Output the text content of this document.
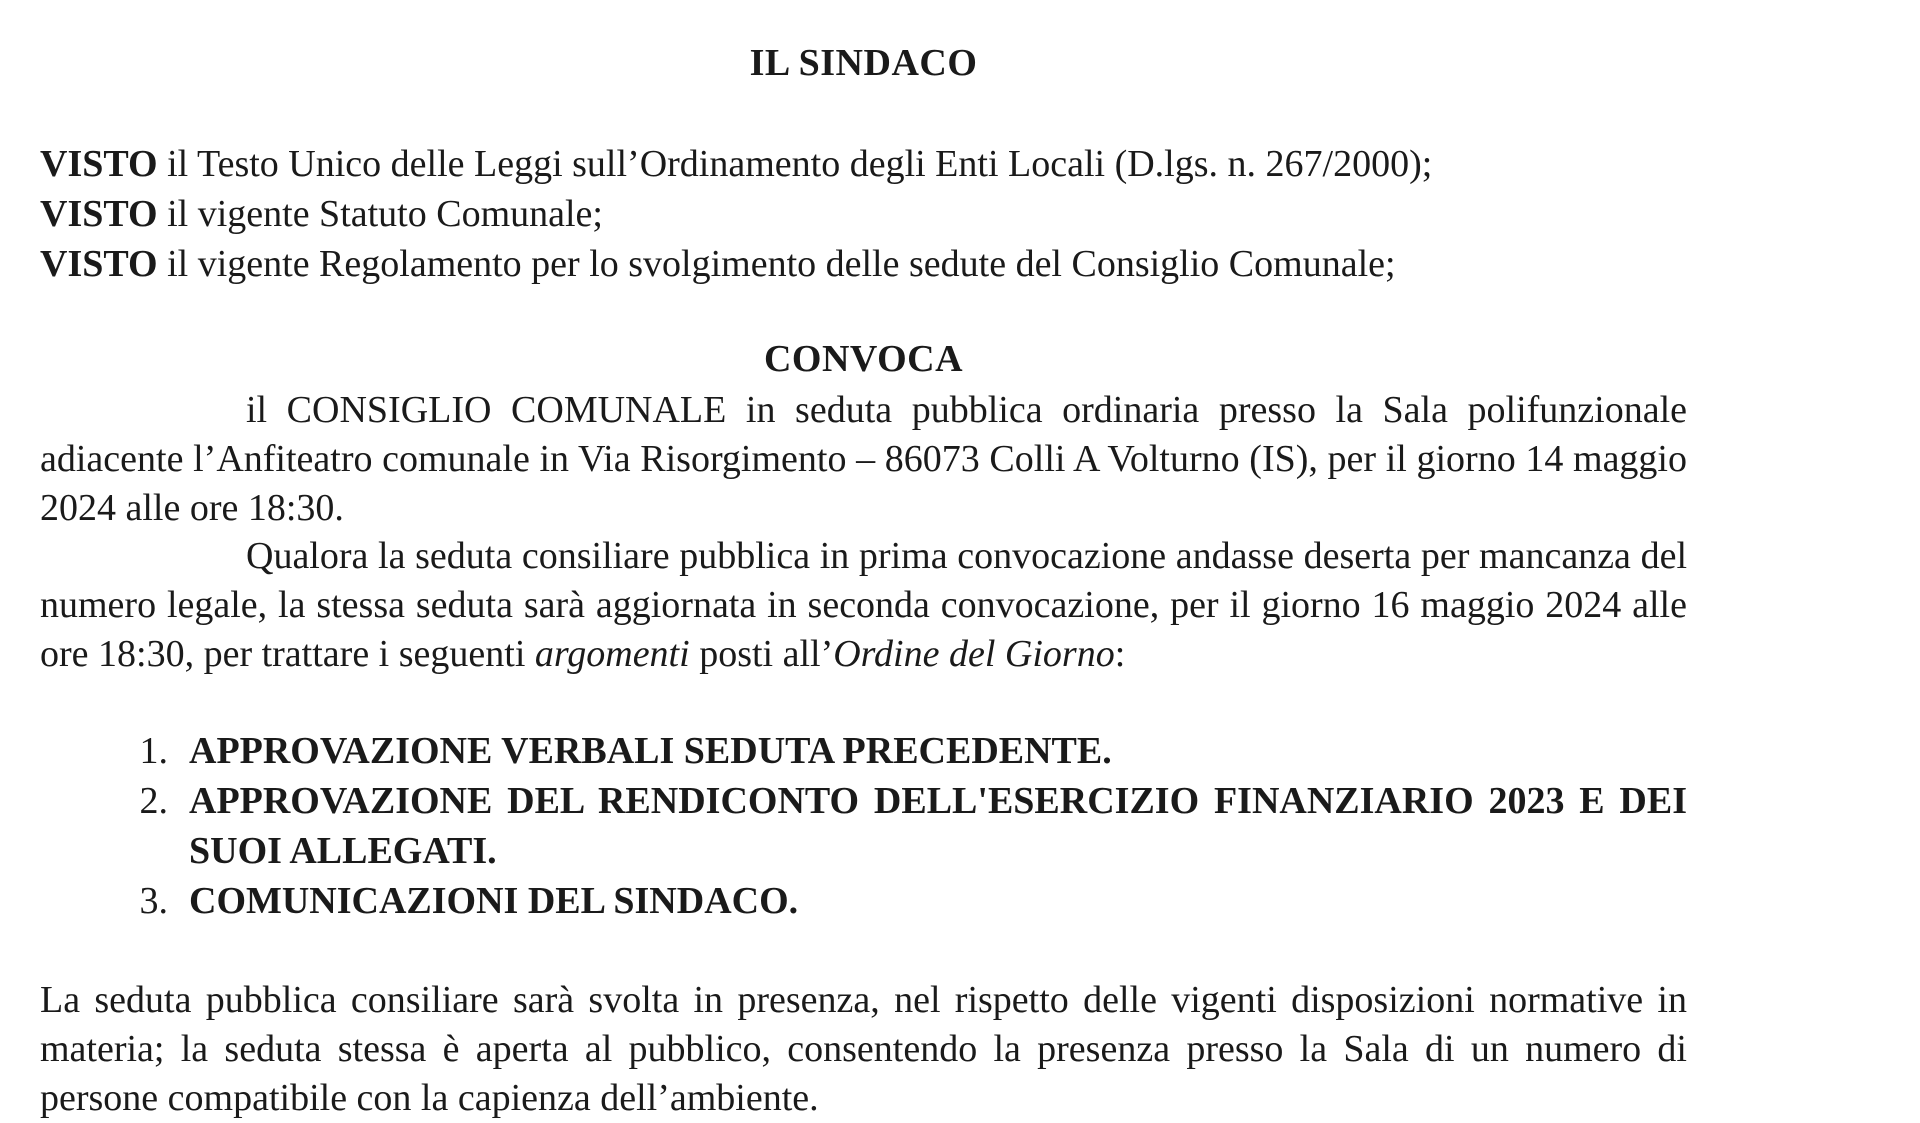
IL SINDACO
VISTO il Testo Unico delle Leggi sull’Ordinamento degli Enti Locali (D.lgs. n. 267/2000);
VISTO il vigente Statuto Comunale;
VISTO il vigente Regolamento per lo svolgimento delle sedute del Consiglio Comunale;
CONVOCA
il CONSIGLIO COMUNALE in seduta pubblica ordinaria presso la Sala polifunzionale adiacente l’Anfiteatro comunale in Via Risorgimento – 86073 Colli A Volturno (IS), per il giorno 14 maggio 2024 alle ore 18:30.
Qualora la seduta consiliare pubblica in prima convocazione andasse deserta per mancanza del numero legale, la stessa seduta sarà aggiornata in seconda convocazione, per il giorno 16 maggio 2024 alle ore 18:30, per trattare i seguenti argomenti posti all’Ordine del Giorno:
1. APPROVAZIONE VERBALI SEDUTA PRECEDENTE.
2. APPROVAZIONE DEL RENDICONTO DELL'ESERCIZIO FINANZIARIO 2023 E DEI SUOI ALLEGATI.
3. COMUNICAZIONI DEL SINDACO.
La seduta pubblica consiliare sarà svolta in presenza, nel rispetto delle vigenti disposizioni normative in materia; la seduta stessa è aperta al pubblico, consentendo la presenza presso la Sala di un numero di persone compatibile con la capienza dell’ambiente.
